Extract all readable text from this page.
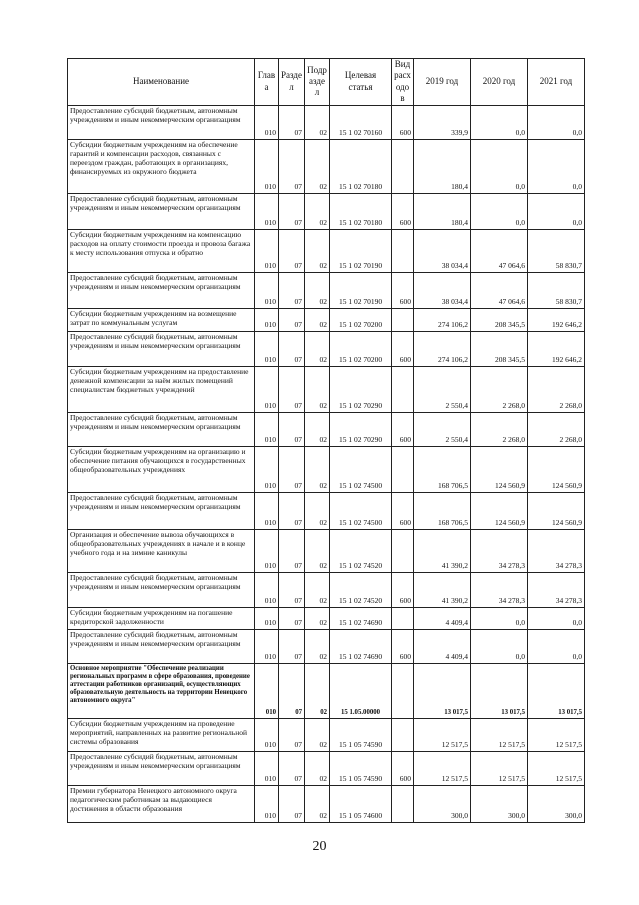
Наименование	Глава	Раздел	Подраздел	Целевая статья	Вид расходов	2019 год	2020 год	2021 год
Предоставление субсидий бюджетным, автономным учреждениям и иным некоммерческим организациям	010	07	02	15 1 02 70160	600	339,9	0,0	0,0
Субсидии бюджетным учреждениям на обеспечение гарантий и компенсации расходов, связанных с переездом граждан, работающих в организациях, финансируемых из окружного бюджета	010	07	02	15 1 02 70180		180,4	0,0	0,0
Предоставление субсидий бюджетным, автономным учреждениям и иным некоммерческим организациям	010	07	02	15 1 02 70180	600	180,4	0,0	0,0
Субсидии бюджетным учреждениям на компенсацию расходов на оплату стоимости проезда и провоза багажа к месту использования отпуска и обратно	010	07	02	15 1 02 70190		38 034,4	47 064,6	58 830,7
Предоставление субсидий бюджетным, автономным учреждениям и иным некоммерческим организациям	010	07	02	15 1 02 70190	600	38 034,4	47 064,6	58 830,7
Субсидии бюджетным учреждениям на возмещение затрат по коммунальным услугам	010	07	02	15 1 02 70200		274 106,2	208 345,5	192 646,2
Предоставление субсидий бюджетным, автономным учреждениям и иным некоммерческим организациям	010	07	02	15 1 02 70200	600	274 106,2	208 345,5	192 646,2
Субсидии бюджетным учреждениям на предоставление денежной компенсации за наём жилых помещений специалистам бюджетных учреждений	010	07	02	15 1 02 70290		2 550,4	2 268,0	2 268,0
Предоставление субсидий бюджетным, автономным учреждениям и иным некоммерческим организациям	010	07	02	15 1 02 70290	600	2 550,4	2 268,0	2 268,0
Субсидии бюджетным учреждениям на организацию и обеспечение питания обучающихся в государственных общеобразовательных учреждениях	010	07	02	15 1 02 74500		168 706,5	124 560,9	124 560,9
Предоставление субсидий бюджетным, автономным учреждениям и иным некоммерческим организациям	010	07	02	15 1 02 74500	600	168 706,5	124 560,9	124 560,9
Организация и обеспечение вывоза обучающихся в общеобразовательных учреждениях в начале и в конце учебного года и на зимние каникулы	010	07	02	15 1 02 74520		41 390,2	34 278,3	34 278,3
Предоставление субсидий бюджетным, автономным учреждениям и иным некоммерческим организациям	010	07	02	15 1 02 74520	600	41 390,2	34 278,3	34 278,3
Субсидии бюджетным учреждениям на погашение кредиторской задолженности	010	07	02	15 1 02 74690		4 409,4	0,0	0,0
Предоставление субсидий бюджетным, автономным учреждениям и иным некоммерческим организациям	010	07	02	15 1 02 74690	600	4 409,4	0,0	0,0
Основное мероприятие "Обеспечение реализации региональных программ в сфере образования, проведение аттестации работников организаций, осуществляющих образовательную деятельность на территории Ненецкого автономного округа"	010	07	02	15 1.05.00000		13 017,5	13 017,5	13 017,5
Субсидии бюджетным учреждениям на проведение мероприятий, направленных на развитие региональной системы образования	010	07	02	15 1 05 74590		12 517,5	12 517,5	12 517,5
Предоставление субсидий бюджетным, автономным учреждениям и иным некоммерческим организациям	010	07	02	15 1 05 74590	600	12 517,5	12 517,5	12 517,5
Премии губернатора Ненецкого автономного округа педагогическим работникам за выдающиеся достижения в области образования	010	07	02	15 1 05 74600		300,0	300,0	300,0
20
